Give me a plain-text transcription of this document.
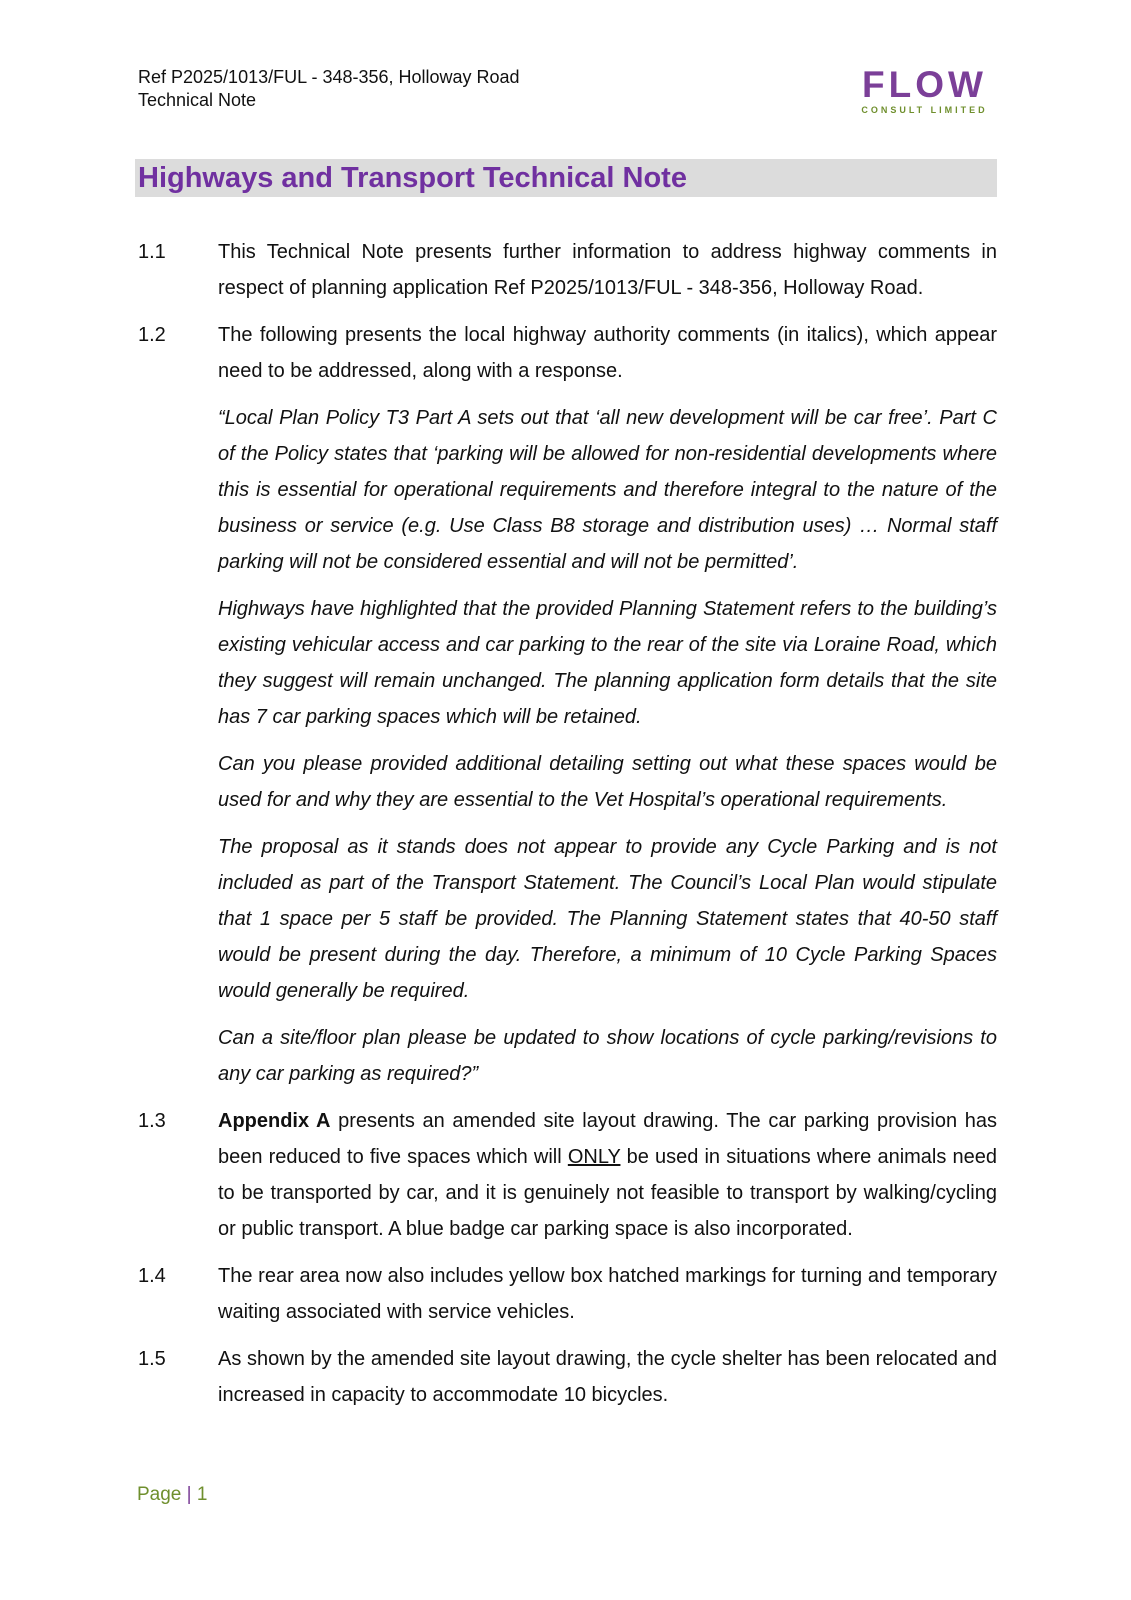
Ref P2025/1013/FUL - 348-356, Holloway Road
Technical Note	FLOW
CONSULT LIMITED
Highways and Transport Technical Note
1.1	This Technical Note presents further information to address highway comments in respect of planning application Ref P2025/1013/FUL - 348-356, Holloway Road.
1.2	The following presents the local highway authority comments (in italics), which appear need to be addressed, along with a response.
“Local Plan Policy T3 Part A sets out that ‘all new development will be car free’. Part C of the Policy states that ‘parking will be allowed for non-residential developments where this is essential for operational requirements and therefore integral to the nature of the business or service (e.g. Use Class B8 storage and distribution uses) … Normal staff parking will not be considered essential and will not be permitted’.
Highways have highlighted that the provided Planning Statement refers to the building’s existing vehicular access and car parking to the rear of the site via Loraine Road, which they suggest will remain unchanged. The planning application form details that the site has 7 car parking spaces which will be retained.
Can you please provided additional detailing setting out what these spaces would be used for and why they are essential to the Vet Hospital’s operational requirements.
The proposal as it stands does not appear to provide any Cycle Parking and is not included as part of the Transport Statement. The Council’s Local Plan would stipulate that 1 space per 5 staff be provided. The Planning Statement states that 40-50 staff would be present during the day. Therefore, a minimum of 10 Cycle Parking Spaces would generally be required.
Can a site/floor plan please be updated to show locations of cycle parking/revisions to any car parking as required?”
1.3	Appendix A presents an amended site layout drawing. The car parking provision has been reduced to five spaces which will ONLY be used in situations where animals need to be transported by car, and it is genuinely not feasible to transport by walking/cycling or public transport. A blue badge car parking space is also incorporated.
1.4	The rear area now also includes yellow box hatched markings for turning and temporary waiting associated with service vehicles.
1.5	As shown by the amended site layout drawing, the cycle shelter has been relocated and increased in capacity to accommodate 10 bicycles.
Page | 1
